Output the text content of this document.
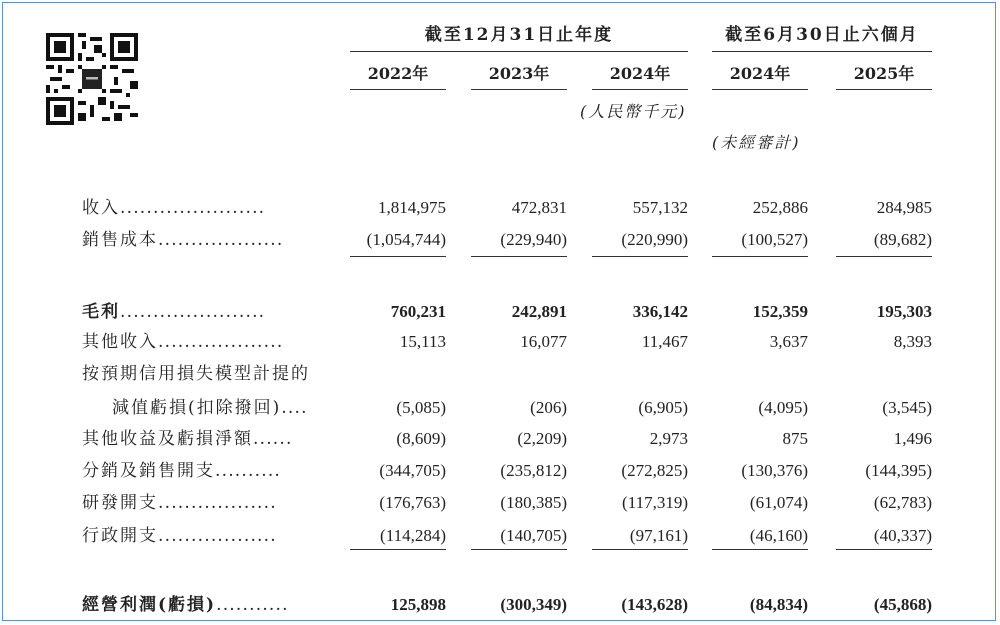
截至12月31日止年度	截至6月30日止六個月
2022年	2023年	2024年	2024年	2025年
(人民幣千元)
(未經審計)
收入......................	1,814,975	472,831	557,132	252,886	284,985
銷售成本...................	(1,054,744)	(229,940)	(220,990)	(100,527)	(89,682)
毛利......................	760,231	242,891	336,142	152,359	195,303
其他收入...................	15,113	16,077	11,467	3,637	8,393
按預期信用損失模型計提的
減值虧損(扣除撥回)....	(5,085)	(206)	(6,905)	(4,095)	(3,545)
其他收益及虧損淨額......	(8,609)	(2,209)	2,973	875	1,496
分銷及銷售開支..........	(344,705)	(235,812)	(272,825)	(130,376)	(144,395)
研發開支..................	(176,763)	(180,385)	(117,319)	(61,074)	(62,783)
行政開支..................	(114,284)	(140,705)	(97,161)	(46,160)	(40,337)
經營利潤(虧損)...........	125,898	(300,349)	(143,628)	(84,834)	(45,868)
